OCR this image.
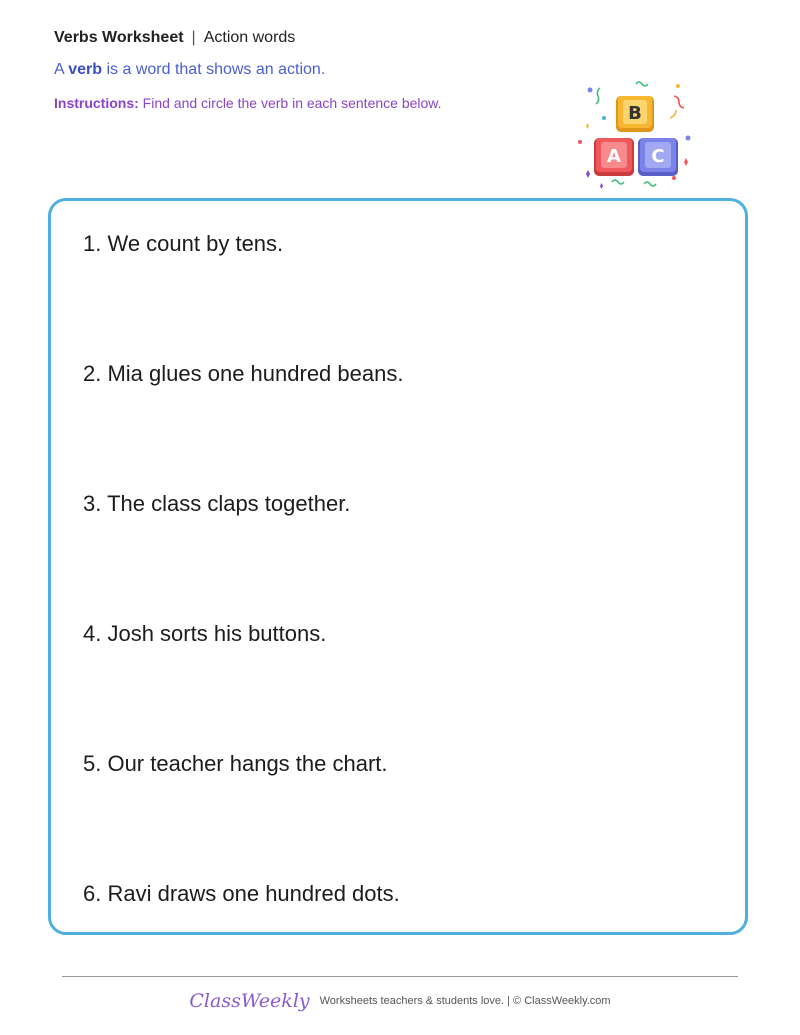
Verbs Worksheet | Action words
A verb is a word that shows an action.
Instructions: Find and circle the verb in each sentence below.	B
A C
1. We count by tens.
2. Mia glues one hundred beans.
3. The class claps together.
4. Josh sorts his buttons.
5. Our teacher hangs the chart.
6. Ravi draws one hundred dots.
ClassWeekly Worksheets teachers & students love. | © ClassWeekly.com
